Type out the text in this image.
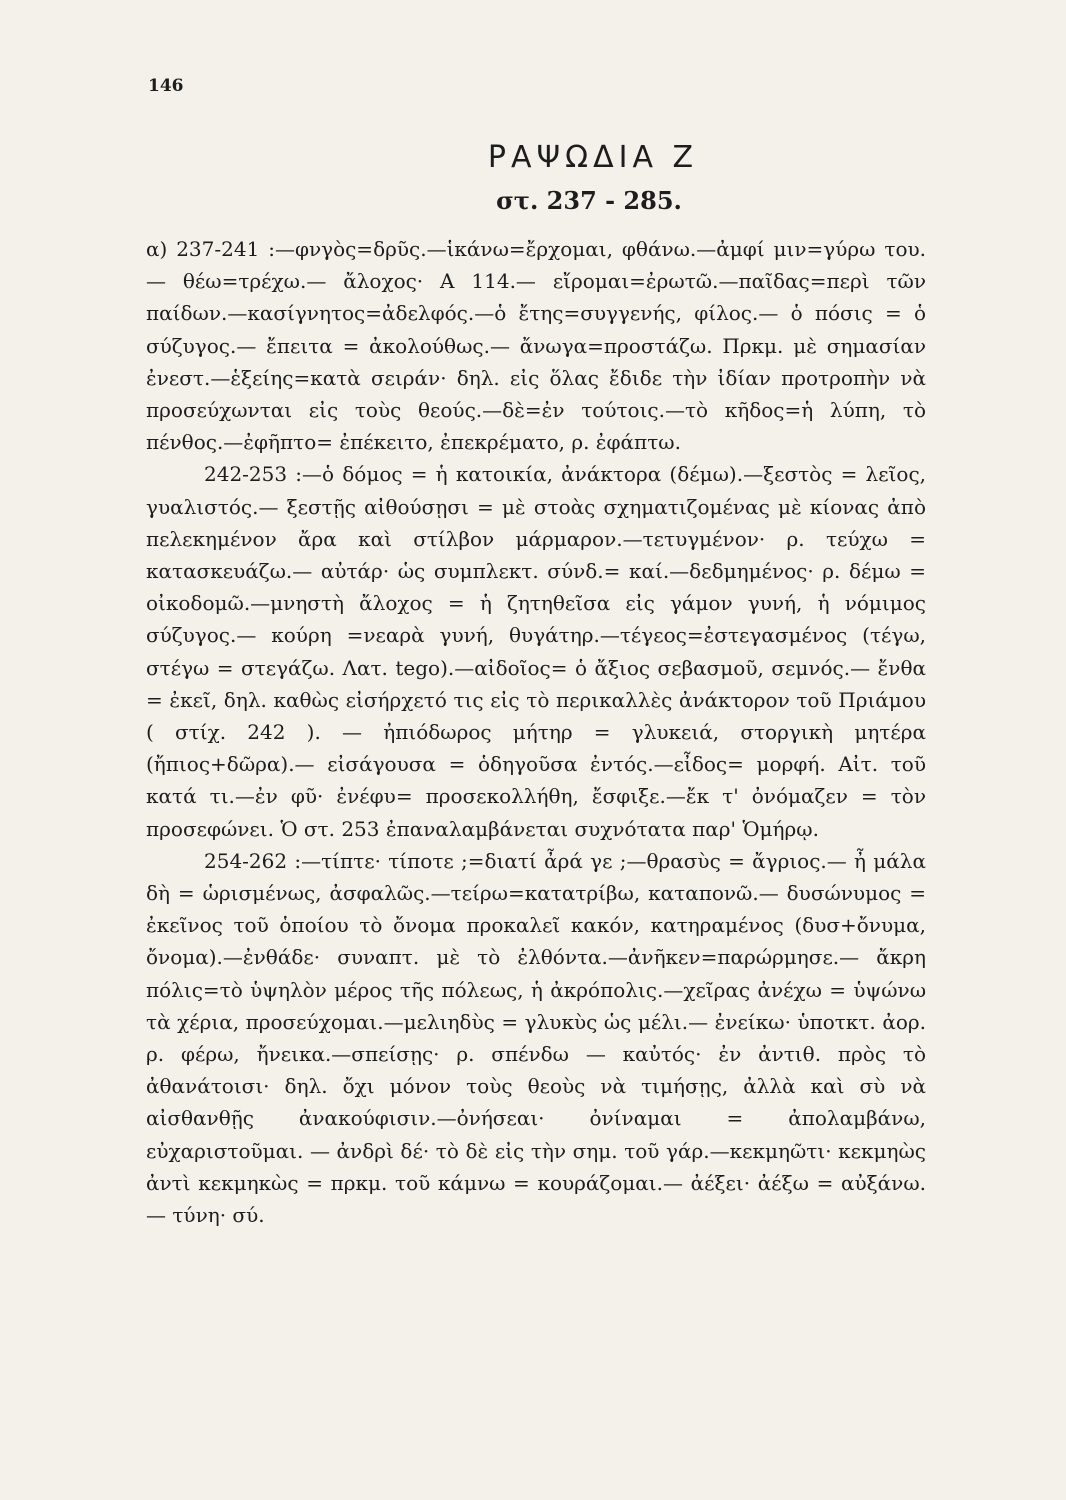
146
ΡΑΨΩΔΙΑ Ζ
στ. 237 - 285.

α) 237-241 :—φνγὸς=δρῦς.—ἱκάνω=ἔρχομαι, φθάνω.—ἀμφί μιν=γύρω του.— θέω=τρέχω.— ἄλοχος· Α 114.— εἴρομαι=ἐρωτῶ.—παῖδας=περὶ τῶν παίδων.—κασίγνητος=ἀδελφός.—ὁ ἔτης=συγγενής, φίλος.— ὁ πόσις = ὁ σύζυγος.— ἔπειτα = ἀκολούθως.— ἄνωγα=προστάζω. Πρκμ. μὲ σημασίαν ἐνεστ.—ἑξείης=κατὰ σειράν· δηλ. εἰς ὅλας ἔδιδε τὴν ἰδίαν προτροπὴν νὰ προσεύχωνται εἰς τοὺς θεούς.—δὲ=ἐν τούτοις.—τὸ κῆδος=ἡ λύπη, τὸ πένθος.—ἐφῆπτο= ἐπέκειτο, ἐπεκρέματο, ρ. ἐφάπτω.

242-253 :—ὁ δόμος = ἡ κατοικία, ἀνάκτορα (δέμω).—ξεστὸς = λεῖος, γυαλιστός.— ξεστῇς αἰθούσῃσι = μὲ στοὰς σχηματιζομένας μὲ κίονας ἀπὸ πελεκημένον ἄρα καὶ στίλβον μάρμαρον.—τετυγμένον· ρ. τεύχω = κατασκευάζω.— αὐτάρ· ὡς συμπλεκτ. σύνδ.= καί.—δεδμημένος· ρ. δέμω = οἰκοδομῶ.—μνηστὴ ἄλοχος = ἡ ζητηθεῖσα εἰς γάμον γυνή, ἡ νόμιμος σύζυγος.— κούρη =νεαρὰ γυνή, θυγάτηρ.—τέγεος=ἐστεγασμένος (τέγω, στέγω = στεγάζω. Λατ. tego).—αἰδοῖος= ὁ ἄξιος σεβασμοῦ, σεμνός.— ἔνθα = ἐκεῖ, δηλ. καθὼς εἰσήρχετό τις εἰς τὸ περικαλλὲς ἀνάκτορον τοῦ Πριάμου ( στίχ. 242 ). — ἠπιόδωρος μήτηρ = γλυκειά, στοργικὴ μητέρα (ἤπιος+δῶρα).— εἰσάγουσα = ὁδηγοῦσα ἐντός.—εἶδος= μορφή. Αἰτ. τοῦ κατά τι.—ἐν φῦ· ἐνέφυ= προσεκολλήθη, ἔσφιξε.—ἔκ τ' ὀνόμαζεν = τὸν προσεφώνει. Ὁ στ. 253 ἐπαναλαμβάνεται συχνότατα παρ' Ὁμήρῳ.

254-262 :—τίπτε· τίποτε ;=διατί ἆρά γε ;—θρασὺς = ἄγριος.— ἦ μάλα δὴ = ὡρισμένως, ἀσφαλῶς.—τείρω=κατατρίβω, καταπονῶ.— δυσώνυμος = ἐκεῖνος τοῦ ὁποίου τὸ ὄνομα προκαλεῖ κακόν, κατηραμένος (δυσ+ὄνυμα, ὄνομα).—ἐνθάδε· συναπτ. μὲ τὸ ἐλθόντα.—ἀνῆκεν=παρώρμησε.— ἄκρη πόλις=τὸ ὑψηλὸν μέρος τῆς πόλεως, ἡ ἀκρόπολις.—χεῖρας ἀνέχω = ὑψώνω τὰ χέρια, προσεύχομαι.—μελιηδὺς = γλυκὺς ὡς μέλι.— ἐνείκω· ὑποτκτ. ἀορ. ρ. φέρω, ἤνεικα.—σπείσῃς· ρ. σπένδω — καὐτός· ἐν ἀντιθ. πρὸς τὸ ἀθανάτοισι· δηλ. ὄχι μόνον τοὺς θεοὺς νὰ τιμήσῃς, ἀλλὰ καὶ σὺ νὰ αἰσθανθῇς ἀνακούφισιν.—ὀνήσεαι· ὀνίναμαι = ἀπολαμβάνω, εὐχαριστοῦμαι. — ἀνδρὶ δέ· τὸ δὲ εἰς τὴν σημ. τοῦ γάρ.—κεκμηῶτι· κεκμηὼς ἀντὶ κεκμηκὼς = πρκμ. τοῦ κάμνω = κουράζομαι.— ἀέξει· ἀέξω = αὐξάνω. — τύνη· σύ.
